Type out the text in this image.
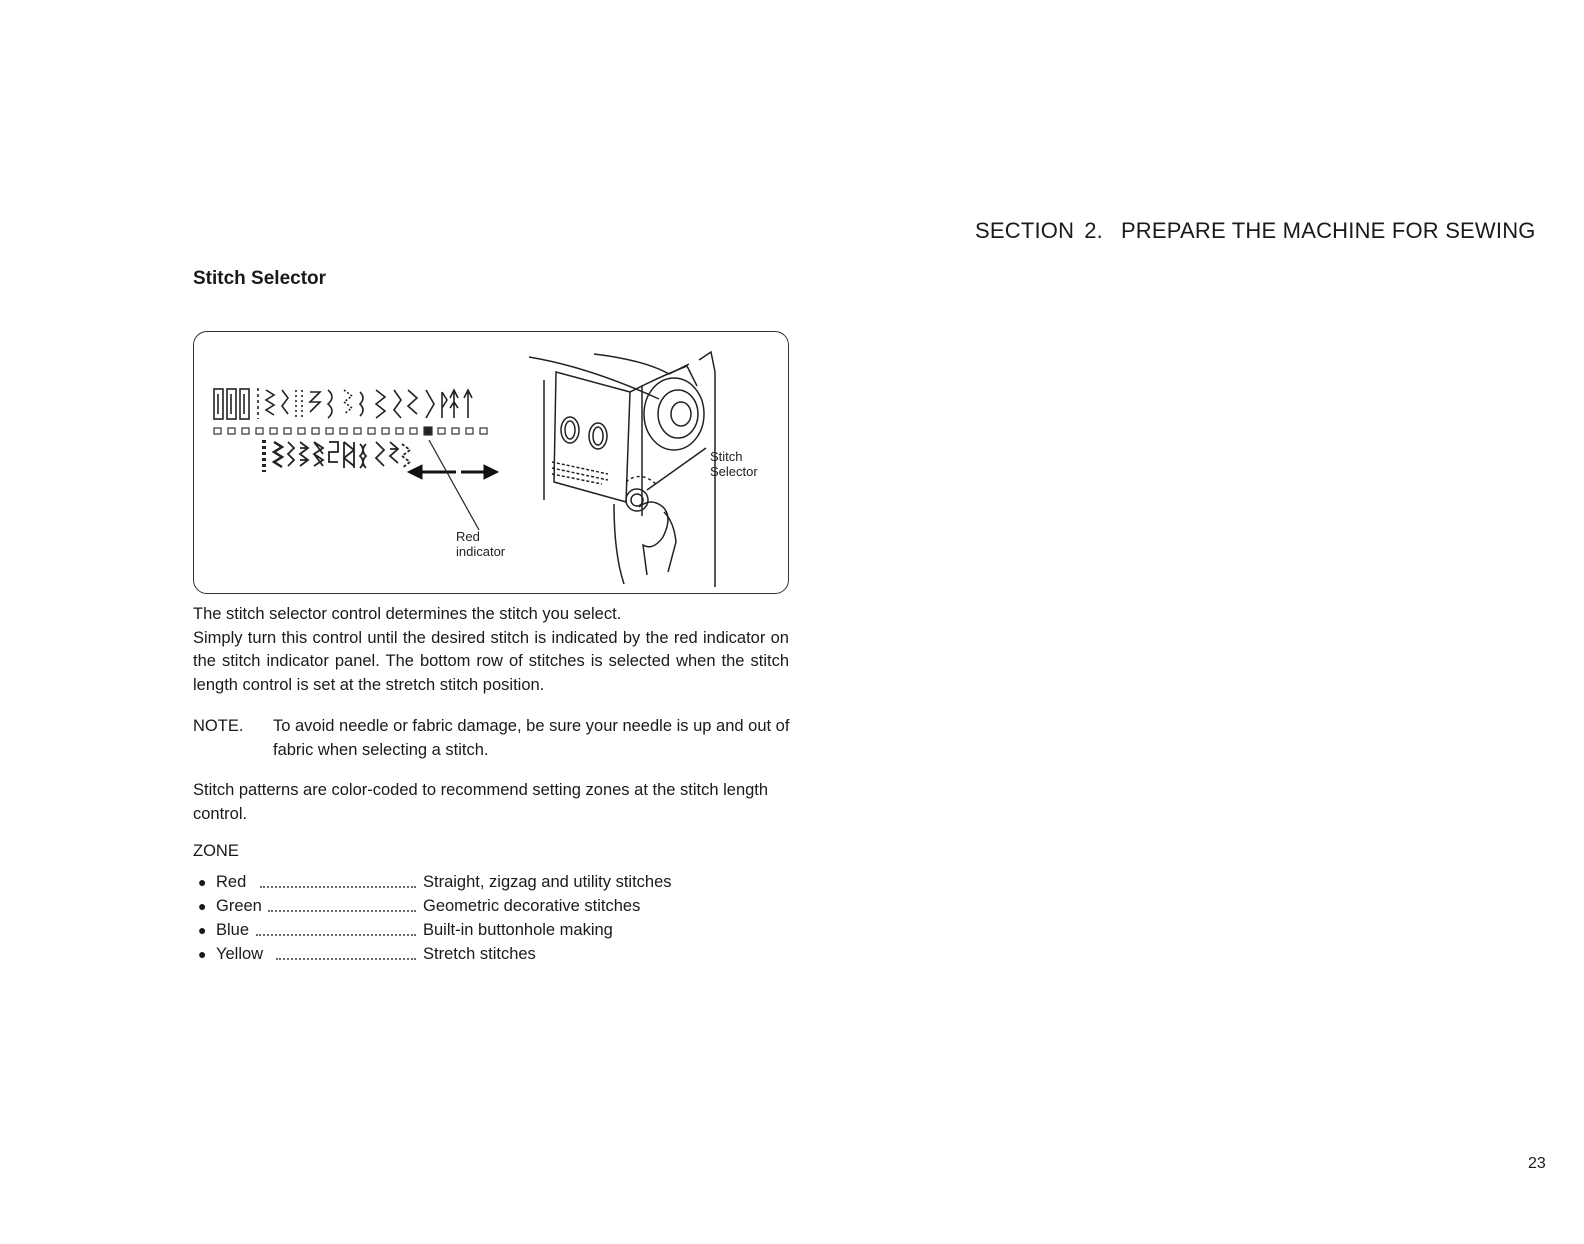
SECTION 2. PREPARE THE MACHINE FOR SEWING
Stitch Selector
Red
indicator
Stitch
Selector
The stitch selector control determines the stitch you select.
Simply turn this control until the desired stitch is indicated by the red indicator on the stitch indicator panel. The bottom row of stitches is selected when the stitch length control is set at the stretch stitch position.
NOTE. To avoid needle or fabric damage, be sure your needle is up and out of fabric when selecting a stitch.
Stitch patterns are color-coded to recommend setting zones at the stitch length control.
ZONE
● Red	Straight, zigzag and utility stitches
● Green	Geometric decorative stitches
● Blue	Built-in buttonhole making
● Yellow	Stretch stitches
23
